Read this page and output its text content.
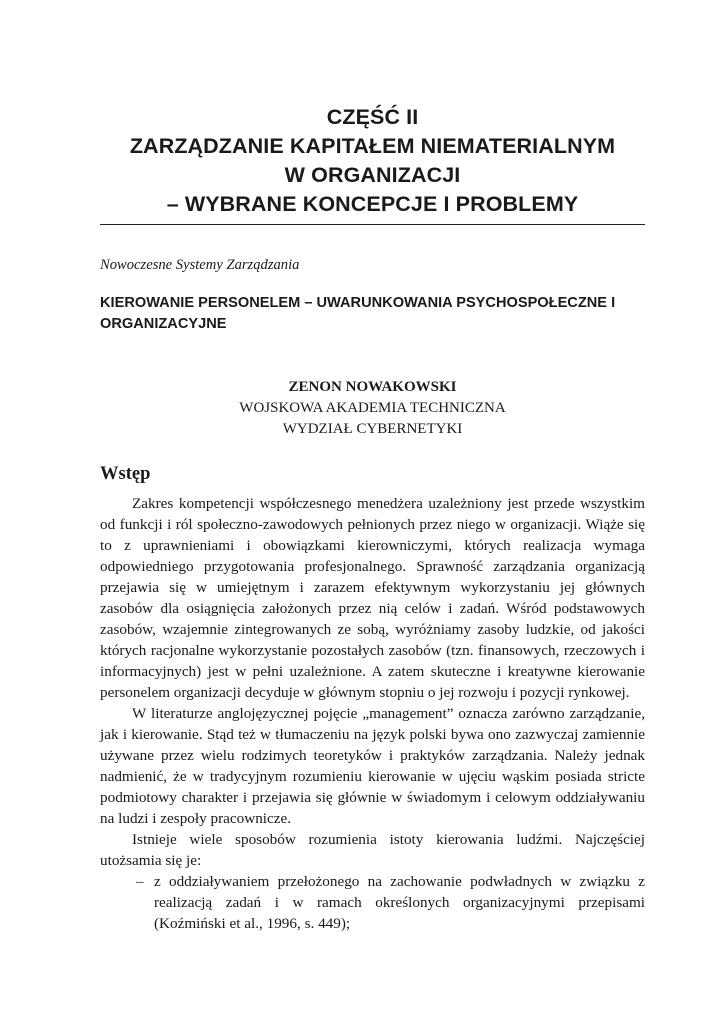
CZĘŚĆ II
ZARZĄDZANIE KAPITAŁEM NIEMATERIALNYM
W ORGANIZACJI
– WYBRANE KONCEPCJE I PROBLEMY
Nowoczesne Systemy Zarządzania
KIEROWANIE PERSONELEM – UWARUNKOWANIA PSYCHOSPOŁECZNE I ORGANIZACYJNE
ZENON NOWAKOWSKI
WOJSKOWA AKADEMIA TECHNICZNA
WYDZIAŁ CYBERNETYKI
Wstęp

Zakres kompetencji współczesnego menedżera uzależniony jest przede wszystkim od funkcji i ról społeczno-zawodowych pełnionych przez niego w organizacji. Wiąże się to z uprawnieniami i obowiązkami kierowniczymi, których realizacja wymaga odpowiedniego przygotowania profesjonalnego. Sprawność zarządzania organizacją przejawia się w umiejętnym i zarazem efektywnym wykorzystaniu jej głównych zasobów dla osiągnięcia założonych przez nią celów i zadań. Wśród podstawowych zasobów, wzajemnie zintegrowanych ze sobą, wyróżniamy zasoby ludzkie, od jakości których racjonalne wykorzystanie pozostałych zasobów (tzn. finansowych, rzeczowych i informacyjnych) jest w pełni uzależnione. A zatem skuteczne i kreatywne kierowanie personelem organizacji decyduje w głównym stopniu o jej rozwoju i pozycji rynkowej.

W literaturze anglojęzycznej pojęcie „management” oznacza zarówno zarządzanie, jak i kierowanie. Stąd też w tłumaczeniu na język polski bywa ono zazwyczaj zamiennie używane przez wielu rodzimych teoretyków i praktyków zarządzania. Należy jednak nadmienić, że w tradycyjnym rozumieniu kierowanie w ujęciu wąskim posiada stricte podmiotowy charakter i przejawia się głównie w świadomym i celowym oddziaływaniu na ludzi i zespoły pracownicze.

Istnieje wiele sposobów rozumienia istoty kierowania ludźmi. Najczęściej utożsamia się je:

– z oddziaływaniem przełożonego na zachowanie podwładnych w związku z realizacją zadań i w ramach określonych organizacyjnymi przepisami (Koźmiński et al., 1996, s. 449);
